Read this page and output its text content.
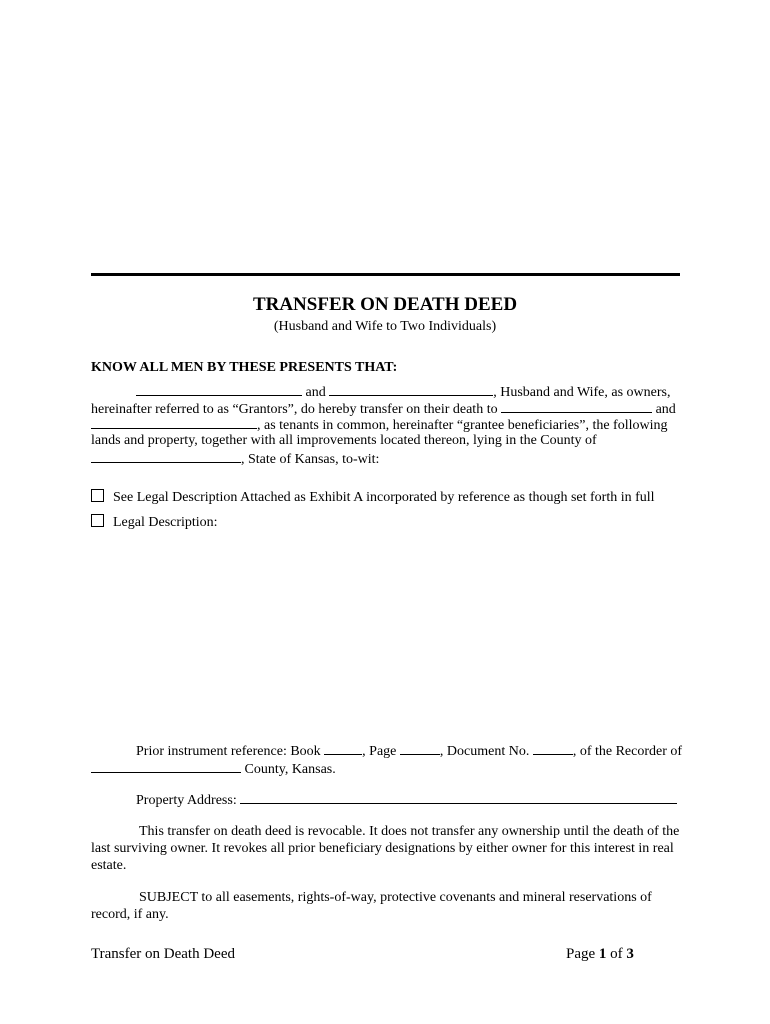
TRANSFER ON DEATH DEED
(Husband and Wife to Two Individuals)
KNOW ALL MEN BY THESE PRESENTS THAT:
and	, Husband and Wife, as owners,
hereinafter referred to as “Grantors”, do hereby transfer on their death to	and
, as tenants in common, hereinafter “grantee beneficiaries”, the following
lands and property, together with all improvements located thereon, lying in the County of
, State of Kansas, to-wit:
See Legal Description Attached as Exhibit A incorporated by reference as though set forth in full
Legal Description:
Prior instrument reference: Book	, Page	, Document No.	, of the Recorder of
County, Kansas.
Property Address:
This transfer on death deed is revocable. It does not transfer any ownership until the death of the
last surviving owner. It revokes all prior beneficiary designations by either owner for this interest in real
estate.
SUBJECT to all easements, rights-of-way, protective covenants and mineral reservations of
record, if any.
Transfer on Death Deed	Page 1 of 3
